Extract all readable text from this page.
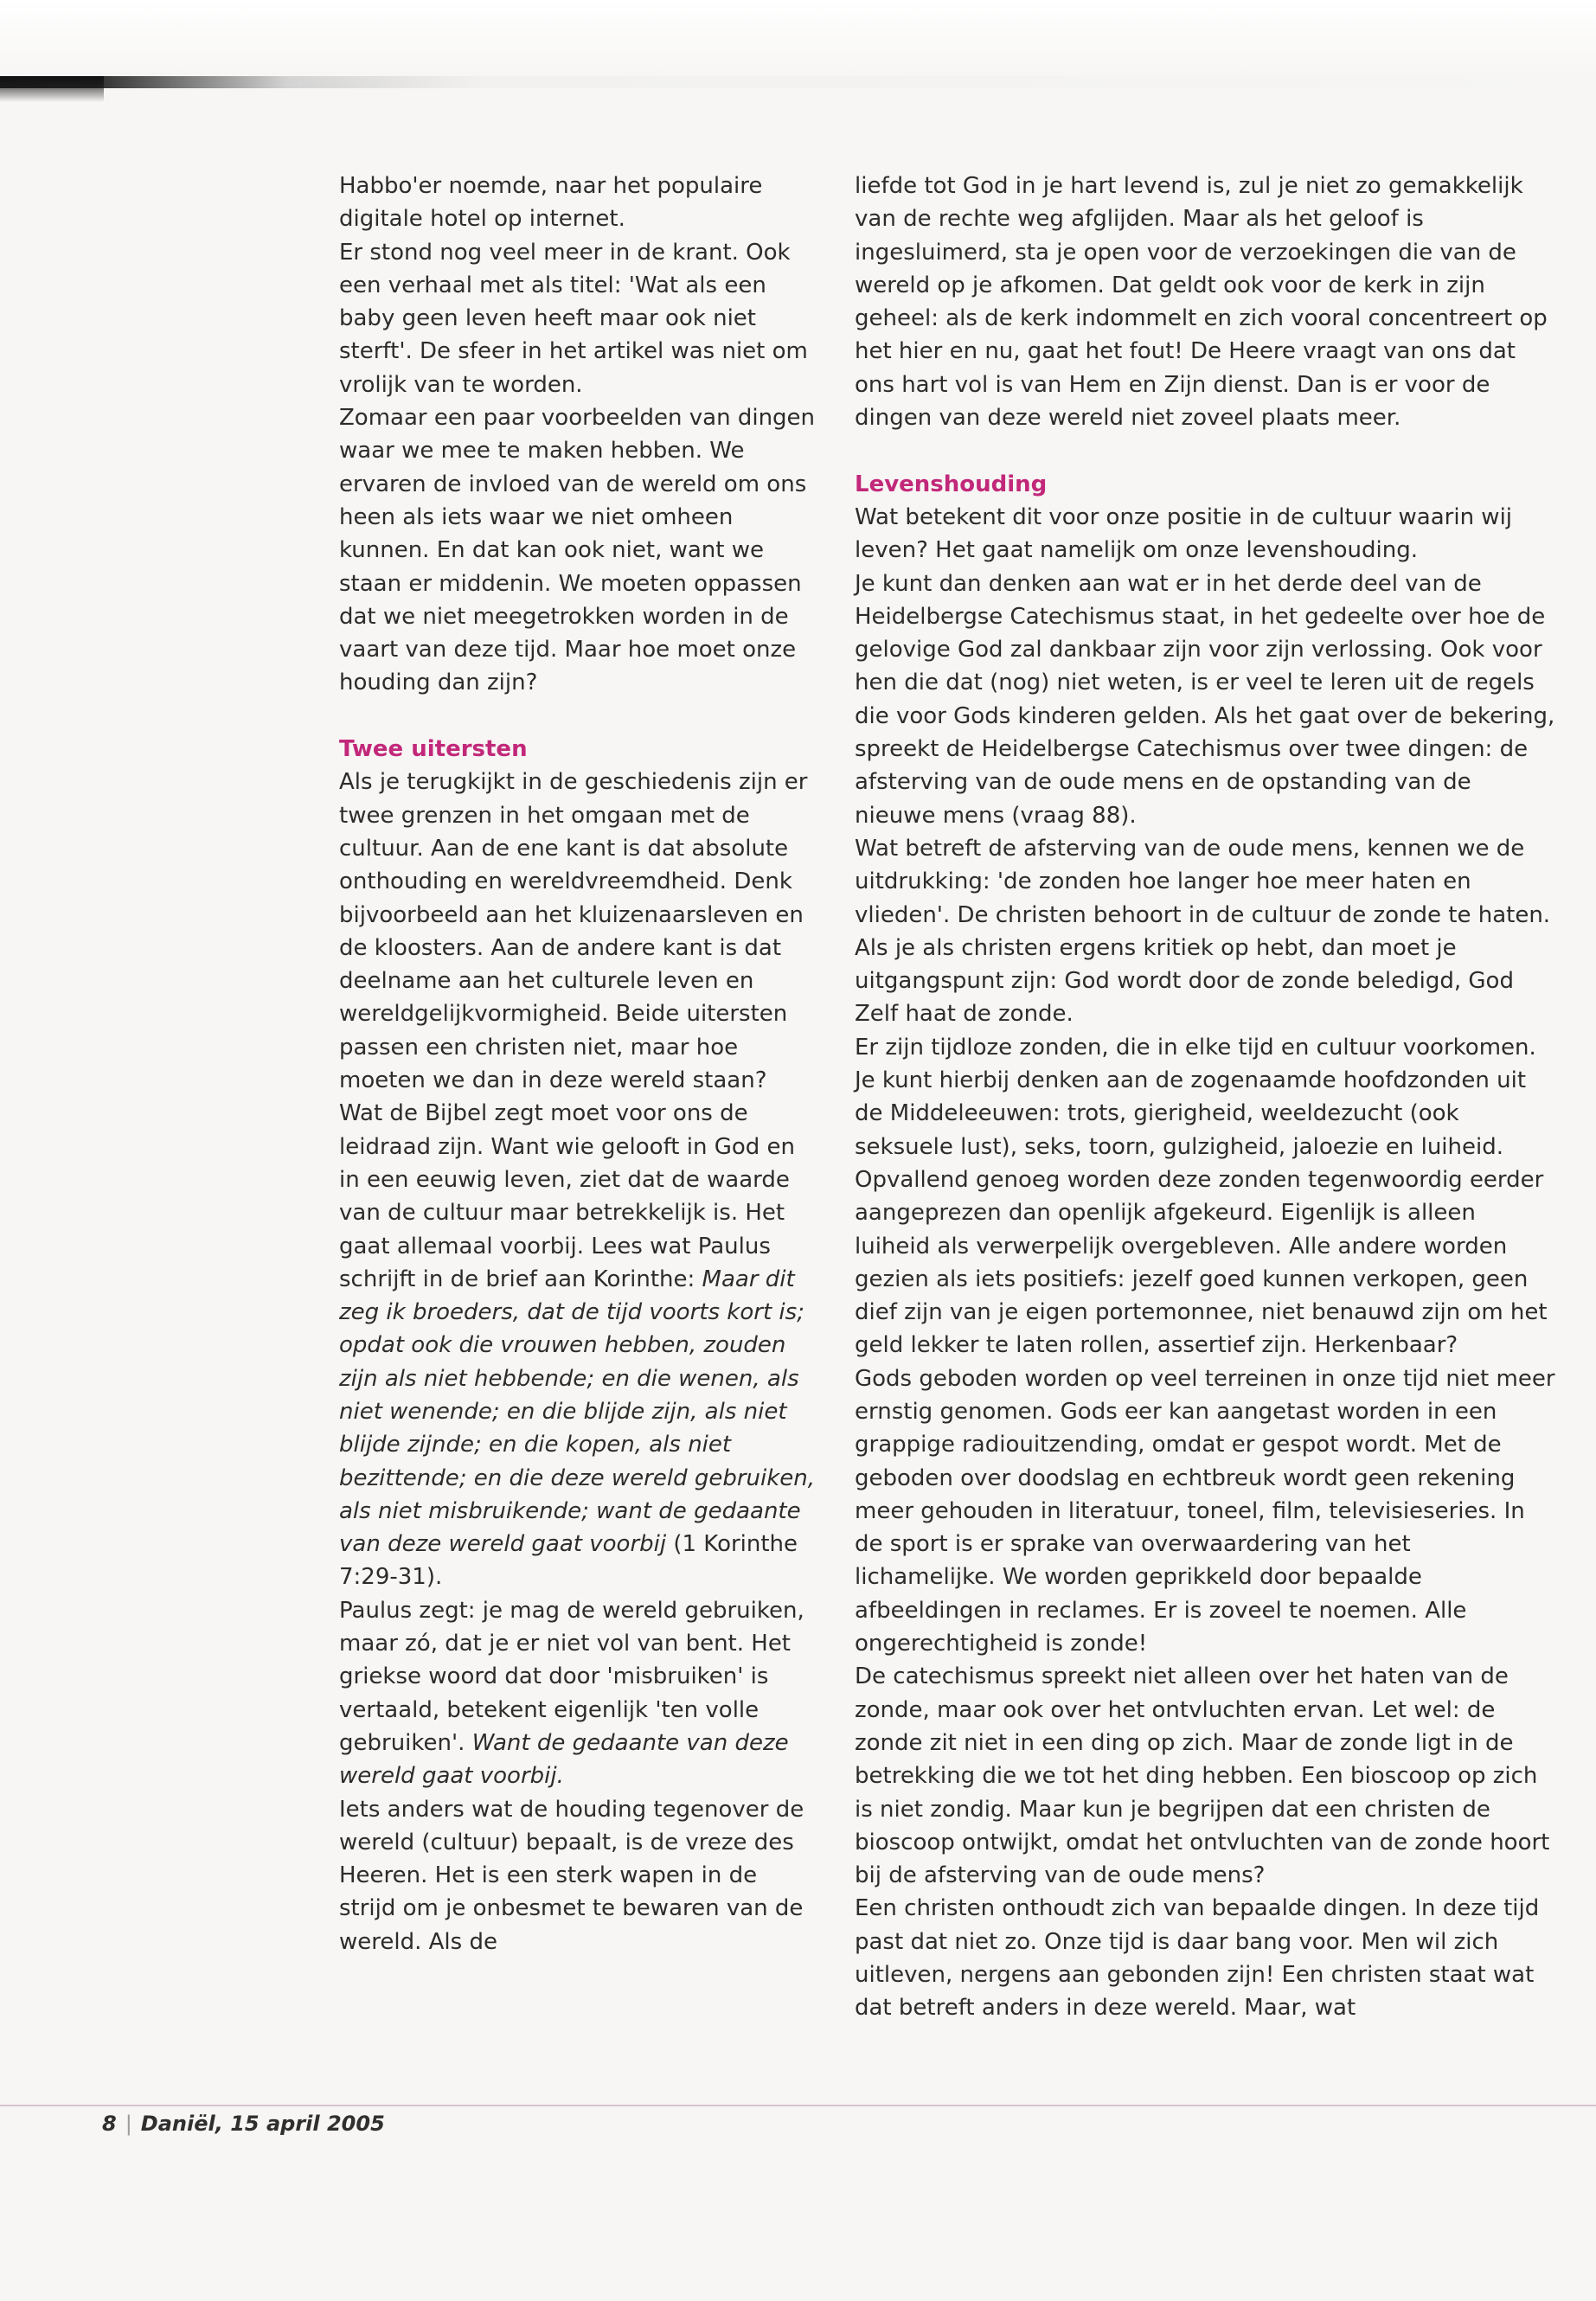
Habbo'er noemde, naar het populaire digitale hotel op internet.

Er stond nog veel meer in de krant. Ook een verhaal met als titel: 'Wat als een baby geen leven heeft maar ook niet sterft'. De sfeer in het artikel was niet om vrolijk van te worden.

Zomaar een paar voorbeelden van dingen waar we mee te maken hebben. We ervaren de invloed van de wereld om ons heen als iets waar we niet omheen kunnen. En dat kan ook niet, want we staan er middenin. We moeten oppassen dat we niet meegetrokken worden in de vaart van deze tijd. Maar hoe moet onze houding dan zijn?

Twee uitersten

Als je terugkijkt in de geschiedenis zijn er twee grenzen in het omgaan met de cultuur. Aan de ene kant is dat absolute onthouding en wereldvreemdheid. Denk bijvoorbeeld aan het kluizenaarsleven en de kloosters. Aan de andere kant is dat deelname aan het culturele leven en wereldgelijkvormigheid. Beide uitersten passen een christen niet, maar hoe moeten we dan in deze wereld staan?

Wat de Bijbel zegt moet voor ons de leidraad zijn. Want wie gelooft in God en in een eeuwig leven, ziet dat de waarde van de cultuur maar betrekkelijk is. Het gaat allemaal voorbij. Lees wat Paulus schrijft in de brief aan Korinthe: Maar dit zeg ik broeders, dat de tijd voorts kort is; opdat ook die vrouwen hebben, zouden zijn als niet hebbende; en die wenen, als niet wenende; en die blijde zijn, als niet blijde zijnde; en die kopen, als niet bezittende; en die deze wereld gebruiken, als niet misbruikende; want de gedaante van deze wereld gaat voorbij (1 Korinthe 7:29-31).

Paulus zegt: je mag de wereld gebruiken, maar zó, dat je er niet vol van bent. Het griekse woord dat door 'misbruiken' is vertaald, betekent eigenlijk 'ten volle gebruiken'. Want de gedaante van deze wereld gaat voorbij.

Iets anders wat de houding tegenover de wereld (cultuur) bepaalt, is de vreze des Heeren. Het is een sterk wapen in de strijd om je onbesmet te bewaren van de wereld. Als de

liefde tot God in je hart levend is, zul je niet zo gemakkelijk van de rechte weg afglijden. Maar als het geloof is ingesluimerd, sta je open voor de verzoekingen die van de wereld op je afkomen. Dat geldt ook voor de kerk in zijn geheel: als de kerk indommelt en zich vooral concentreert op het hier en nu, gaat het fout! De Heere vraagt van ons dat ons hart vol is van Hem en Zijn dienst. Dan is er voor de dingen van deze wereld niet zoveel plaats meer.

Levenshouding

Wat betekent dit voor onze positie in de cultuur waarin wij leven? Het gaat namelijk om onze levenshouding.

Je kunt dan denken aan wat er in het derde deel van de Heidelbergse Catechismus staat, in het gedeelte over hoe de gelovige God zal dankbaar zijn voor zijn verlossing. Ook voor hen die dat (nog) niet weten, is er veel te leren uit de regels die voor Gods kinderen gelden. Als het gaat over de bekering, spreekt de Heidelbergse Catechismus over twee dingen: de afsterving van de oude mens en de opstanding van de nieuwe mens (vraag 88).

Wat betreft de afsterving van de oude mens, kennen we de uitdrukking: 'de zonden hoe langer hoe meer haten en vlieden'. De christen behoort in de cultuur de zonde te haten. Als je als christen ergens kritiek op hebt, dan moet je uitgangspunt zijn: God wordt door de zonde beledigd, God Zelf haat de zonde.

Er zijn tijdloze zonden, die in elke tijd en cultuur voorkomen. Je kunt hierbij denken aan de zogenaamde hoofdzonden uit de Middeleeuwen: trots, gierigheid, weeldezucht (ook seksuele lust), seks, toorn, gulzigheid, jaloezie en luiheid. Opvallend genoeg worden deze zonden tegenwoordig eerder aangeprezen dan openlijk afgekeurd. Eigenlijk is alleen luiheid als verwerpelijk overgebleven. Alle andere worden gezien als iets positiefs: jezelf goed kunnen verkopen, geen dief zijn van je eigen portemonnee, niet benauwd zijn om het geld lekker te laten rollen, assertief zijn. Herkenbaar?

Gods geboden worden op veel terreinen in onze tijd niet meer ernstig genomen. Gods eer kan aangetast worden in een grappige radiouitzending, omdat er gespot wordt. Met de geboden over doodslag en echtbreuk wordt geen rekening meer gehouden in literatuur, toneel, film, televisieseries. In de sport is er sprake van overwaardering van het lichamelijke. We worden geprikkeld door bepaalde afbeeldingen in reclames. Er is zoveel te noemen. Alle ongerechtigheid is zonde!

De catechismus spreekt niet alleen over het haten van de zonde, maar ook over het ontvluchten ervan. Let wel: de zonde zit niet in een ding op zich. Maar de zonde ligt in de betrekking die we tot het ding hebben. Een bioscoop op zich is niet zondig. Maar kun je begrijpen dat een christen de bioscoop ontwijkt, omdat het ontvluchten van de zonde hoort bij de afsterving van de oude mens?

Een christen onthoudt zich van bepaalde dingen. In deze tijd past dat niet zo. Onze tijd is daar bang voor. Men wil zich uitleven, nergens aan gebonden zijn! Een christen staat wat dat betreft anders in deze wereld. Maar, wat

8 | Daniël, 15 april 2005
